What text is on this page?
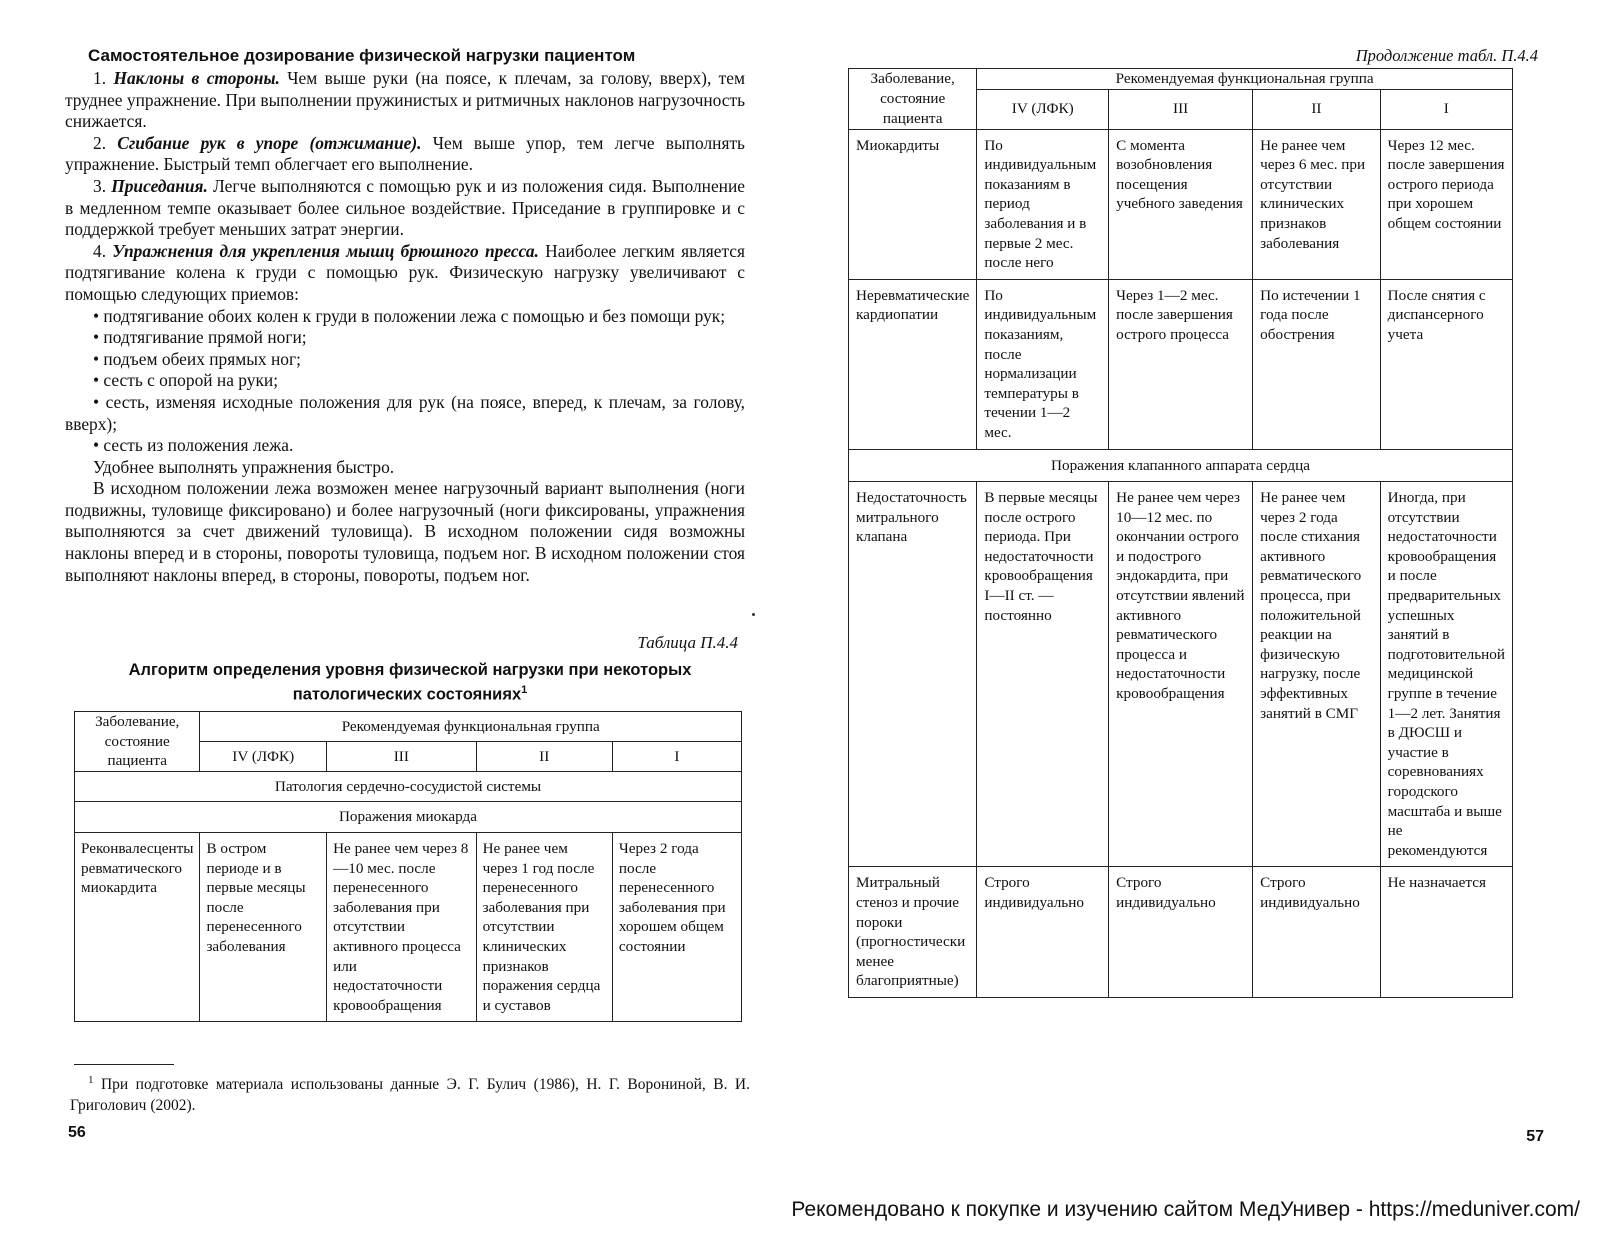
Самостоятельное дозирование физической нагрузки пациентом

1. Наклоны в стороны. Чем выше руки (на поясе, к плечам, за голову, вверх), тем труднее упражнение. При выполнении пружинистых и ритмичных наклонов нагрузочность снижается.

2. Сгибание рук в упоре (отжимание). Чем выше упор, тем легче выполнять упражнение. Быстрый темп облегчает его выполнение.

3. Приседания. Легче выполняются с помощью рук и из положения сидя. Выполнение в медленном темпе оказывает более сильное воздействие. Приседание в группировке и с поддержкой требует меньших затрат энергии.

4. Упражнения для укрепления мышц брюшного пресса. Наиболее легким является подтягивание колена к груди с помощью рук. Физическую нагрузку увеличивают с помощью следующих приемов:

• подтягивание обоих колен к груди в положении лежа с помощью и без помощи рук;

• подтягивание прямой ноги;

• подъем обеих прямых ног;

• сесть с опорой на руки;

• сесть, изменяя исходные положения для рук (на поясе, вперед, к плечам, за голову, вверх);

• сесть из положения лежа.

Удобнее выполнять упражнения быстро.

В исходном положении лежа возможен менее нагрузочный вариант выполнения (ноги подвижны, туловище фиксировано) и более нагрузочный (ноги фиксированы, упражнения выполняются за счет движений туловища). В исходном положении сидя возможны наклоны вперед и в стороны, повороты туловища, подъем ног. В исходном положении стоя выполняют наклоны вперед, в стороны, повороты, подъем ног.

Таблица П.4.4
Алгоритм определения уровня физической нагрузки при некоторых патологических состояниях$^1$
Заболевание, состояние пациента	Рекомендуемая функциональная группа			
	IV (ЛФК)	III	II	I
Патология сердечно-сосудистой системы				
Поражения миокарда				
Реконвалесценты ревматического миокардита	В остром периоде и в первые месяцы после перенесенного заболевания	Не ранее чем через 8—10 мес. после перенесенного заболевания при отсутствии активного процесса или недостаточности кровообращения	Не ранее чем через 1 год после перенесенного заболевания при отсутствии клинических признаков поражения сердца и суставов	Через 2 года после перенесенного заболевания при хорошем общем состоянии
$^1$ При подготовке материала использованы данные Э. Г. Булич (1986), Н. Г. Ворониной, В. И. Григолович (2002).
56
Продолжение табл. П.4.4
Заболевание, состояние пациента	Рекомендуемая функциональная группа			
	IV (ЛФК)	III	II	I
Миокардиты	По индивидуальным показаниям в период заболевания и в первые 2 мес. после него	С момента возобновления посещения учебного заведения	Не ранее чем через 6 мес. при отсутствии клинических признаков заболевания	Через 12 мес. после завершения острого периода при хорошем общем состоянии
Неревматические кардиопатии	По индивидуальным показаниям, после нормализации температуры в течении 1—2 мес.	Через 1—2 мес. после завершения острого процесса	По истечении 1 года после обострения	После снятия с диспансерного учета
Поражения клапанного аппарата сердца				
Недостаточность митрального клапана	В первые месяцы после острого периода. При недостаточности кровообращения I—II ст. — постоянно	Не ранее чем через 10—12 мес. по окончании острого и подострого эндокардита, при отсутствии явлений активного ревматического процесса и недостаточности кровообращения	Не ранее чем через 2 года после стихания активного ревматического процесса, при положительной реакции на физическую нагрузку, после эффективных занятий в СМГ	Иногда, при отсутствии недостаточности кровообращения и после предварительных успешных занятий в подготовительной медицинской группе в течение 1—2 лет. Занятия в ДЮСШ и участие в соревнованиях городского масштаба и выше не рекомендуются
Митральный стеноз и прочие пороки (прогностически менее благоприятные)	Строго индивидуально	Строго индивидуально	Строго индивидуально	Не назначается
57
Рекомендовано к покупке и изучению сайтом МедУнивер - https://meduniver.com/
